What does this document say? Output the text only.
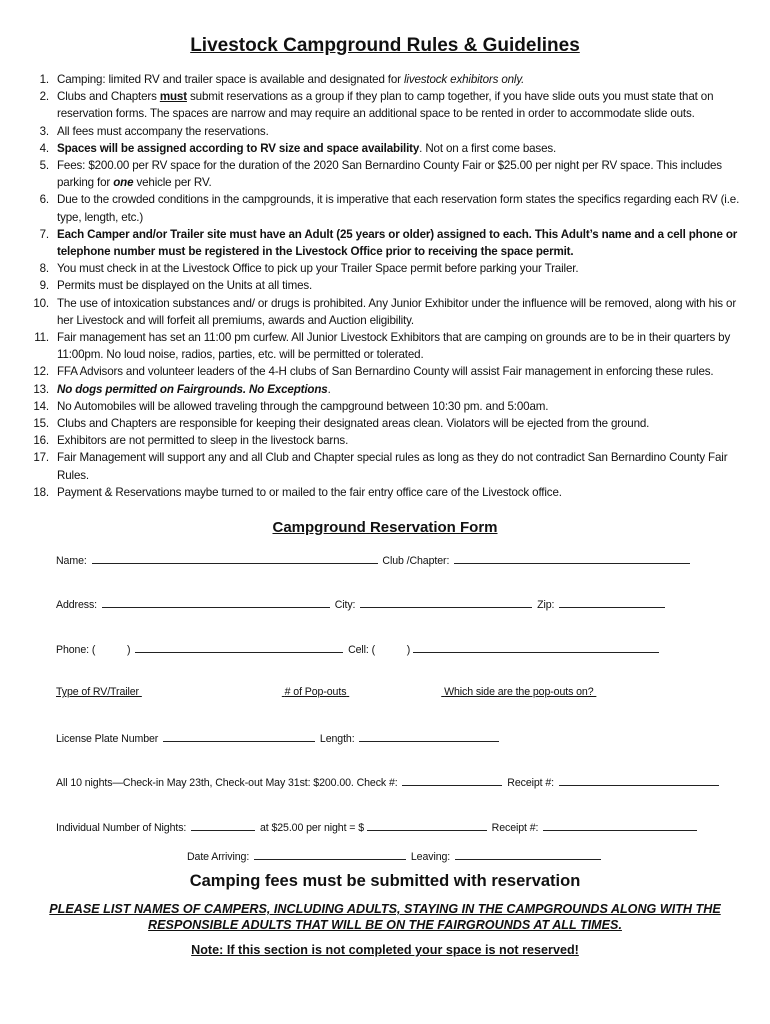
Livestock Campground Rules & Guidelines
1. Camping: limited RV and trailer space is available and designated for livestock exhibitors only.
2. Clubs and Chapters must submit reservations as a group if they plan to camp together, if you have slide outs you must state that on reservation forms. The spaces are narrow and may require an additional space to be rented in order to accommodate slide outs.
3. All fees must accompany the reservations.
4. Spaces will be assigned according to RV size and space availability. Not on a first come bases.
5. Fees: $200.00 per RV space for the duration of the 2020 San Bernardino County Fair or $25.00 per night per RV space. This includes parking for one vehicle per RV.
6. Due to the crowded conditions in the campgrounds, it is imperative that each reservation form states the specifics regarding each RV (i.e. type, length, etc.)
7. Each Camper and/or Trailer site must have an Adult (25 years or older) assigned to each. This Adult’s name and a cell phone or telephone number must be registered in the Livestock Office prior to receiving the space permit.
8. You must check in at the Livestock Office to pick up your Trailer Space permit before parking your Trailer.
9. Permits must be displayed on the Units at all times.
10. The use of intoxication substances and/ or drugs is prohibited. Any Junior Exhibitor under the influence will be removed, along with his or her Livestock and will forfeit all premiums, awards and Auction eligibility.
11. Fair management has set an 11:00 pm curfew. All Junior Livestock Exhibitors that are camping on grounds are to be in their quarters by 11:00pm. No loud noise, radios, parties, etc. will be permitted or tolerated.
12. FFA Advisors and volunteer leaders of the 4-H clubs of San Bernardino County will assist Fair management in enforcing these rules.
13. No dogs permitted on Fairgrounds. No Exceptions.
14. No Automobiles will be allowed traveling through the campground between 10:30 pm. and 5:00am.
15. Clubs and Chapters are responsible for keeping their designated areas clean. Violators will be ejected from the ground.
16. Exhibitors are not permitted to sleep in the livestock barns.
17. Fair Management will support any and all Club and Chapter special rules as long as they do not contradict San Bernardino County Fair Rules.
18. Payment & Reservations maybe turned to or mailed to the fair entry office care of the Livestock office.
Campground Reservation Form
Name:	Club /Chapter:
Address:	City:	Zip:
Phone: (	)	Cell: (	)
Type of RV/Trailer	# of Pop-outs	Which side are the pop-outs on?
License Plate Number	Length:
All 10 nights—Check-in May 23th, Check-out May 31st: $200.00. Check #:	Receipt #:
Individual Number of Nights:	at $25.00 per night = $	Receipt #:
Date Arriving:	Leaving:
Camping fees must be submitted with reservation
PLEASE LIST NAMES OF CAMPERS, INCLUDING ADULTS, STAYING IN THE CAMPGROUNDS ALONG WITH THE RESPONSIBLE ADULTS THAT WILL BE ON THE FAIRGROUNDS AT ALL TIMES.
Note: If this section is not completed your space is not reserved!
